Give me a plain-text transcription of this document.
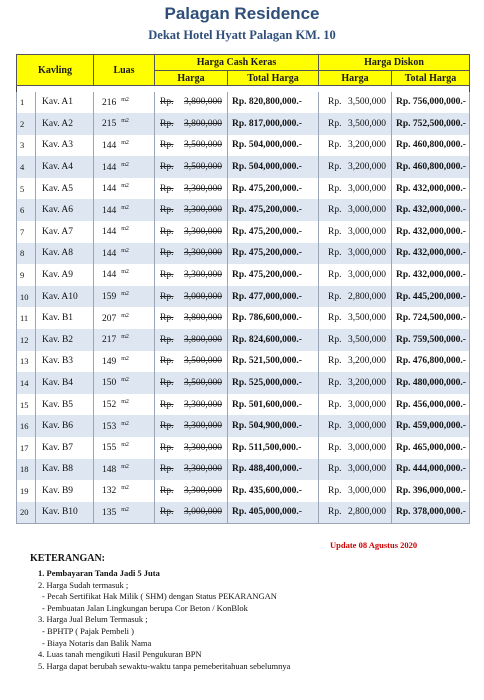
Palagan Residence
Dekat Hotel Hyatt Palagan KM. 10
Kavling		Luas	Harga Cash Keras		Harga Diskon	
			Harga	Total Harga	Harga	Total Harga

1	Kav. A1	216 $^{m2}$	Rp. 3,800,000	Rp. 820,800,000.-	Rp. 3,500,000	Rp. 756,000,000.-
2	Kav. A2	215 $^{m2}$	Rp. 3,800,000	Rp. 817,000,000.-	Rp. 3,500,000	Rp. 752,500,000.-
3	Kav. A3	144 $^{m2}$	Rp. 3,500,000	Rp. 504,000,000.-	Rp. 3,200,000	Rp. 460,800,000.-
4	Kav. A4	144 $^{m2}$	Rp. 3,500,000	Rp. 504,000,000.-	Rp. 3,200,000	Rp. 460,800,000.-
5	Kav. A5	144 $^{m2}$	Rp. 3,300,000	Rp. 475,200,000.-	Rp. 3,000,000	Rp. 432,000,000.-
6	Kav. A6	144 $^{m2}$	Rp. 3,300,000	Rp. 475,200,000.-	Rp. 3,000,000	Rp. 432,000,000.-
7	Kav. A7	144 $^{m2}$	Rp. 3,300,000	Rp. 475,200,000.-	Rp. 3,000,000	Rp. 432,000,000.-
8	Kav. A8	144 $^{m2}$	Rp. 3,300,000	Rp. 475,200,000.-	Rp. 3,000,000	Rp. 432,000,000.-
9	Kav. A9	144 $^{m2}$	Rp. 3,300,000	Rp. 475,200,000.-	Rp. 3,000,000	Rp. 432,000,000.-
10	Kav. A10	159 $^{m2}$	Rp. 3,000,000	Rp. 477,000,000.-	Rp. 2,800,000	Rp. 445,200,000.-
11	Kav. B1	207 $^{m2}$	Rp. 3,800,000	Rp. 786,600,000.-	Rp. 3,500,000	Rp. 724,500,000.-
12	Kav. B2	217 $^{m2}$	Rp. 3,800,000	Rp. 824,600,000.-	Rp. 3,500,000	Rp. 759,500,000.-
13	Kav. B3	149 $^{m2}$	Rp. 3,500,000	Rp. 521,500,000.-	Rp. 3,200,000	Rp. 476,800,000.-
14	Kav. B4	150 $^{m2}$	Rp. 3,500,000	Rp. 525,000,000.-	Rp. 3,200,000	Rp. 480,000,000.-
15	Kav. B5	152 $^{m2}$	Rp. 3,300,000	Rp. 501,600,000.-	Rp. 3,000,000	Rp. 456,000,000.-
16	Kav. B6	153 $^{m2}$	Rp. 3,300,000	Rp. 504,900,000.-	Rp. 3,000,000	Rp. 459,000,000.-
17	Kav. B7	155 $^{m2}$	Rp. 3,300,000	Rp. 511,500,000.-	Rp. 3,000,000	Rp. 465,000,000.-
18	Kav. B8	148 $^{m2}$	Rp. 3,300,000	Rp. 488,400,000.-	Rp. 3,000,000	Rp. 444,000,000.-
19	Kav. B9	132 $^{m2}$	Rp. 3,300,000	Rp. 435,600,000.-	Rp. 3,000,000	Rp. 396,000,000.-
20	Kav. B10	135 $^{m2}$	Rp. 3,000,000	Rp. 405,000,000.-	Rp. 2,800,000	Rp. 378,000,000.-
Update 08 Agustus 2020
KETERANGAN:
1. Pembayaran Tanda Jadi 5 Juta
2. Harga Sudah termasuk ;
- Pecah Sertifikat Hak Milik ( SHM) dengan Status PEKARANGAN
- Pembuatan Jalan Lingkungan berupa Cor Beton / KonBlok
3. Harga Jual Belum Termasuk ;
- BPHTP ( Pajak Pembeli )
- Biaya Notaris dan Balik Nama
4. Luas tanah mengikuti Hasil Pengukuran BPN
5. Harga dapat berubah sewaktu-waktu tanpa pemeberitahuan sebelumnya
